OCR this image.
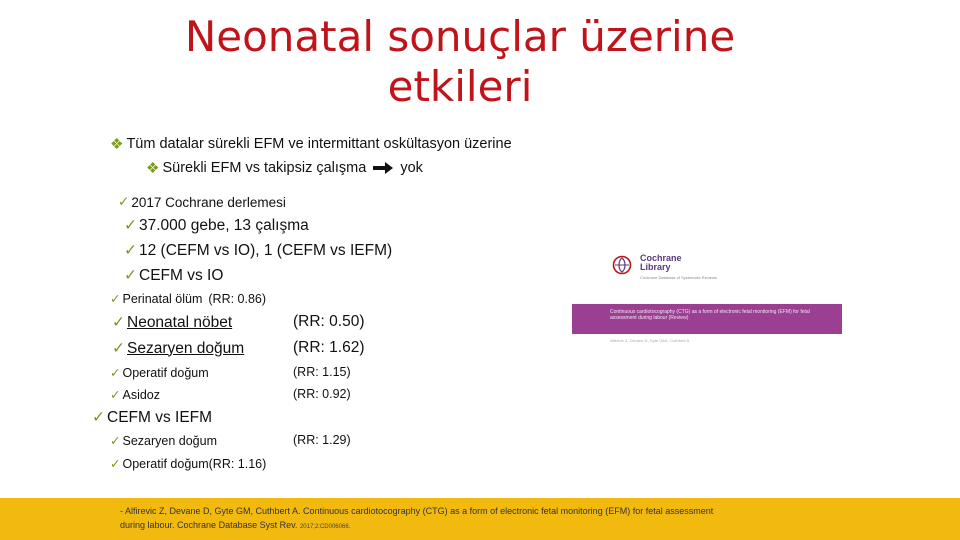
Neonatal sonuçlar üzerine
etkileri
❖ Tüm datalar sürekli EFM ve intermittant oskültasyon üzerine
❖ Sürekli EFM vs takipsiz çalışma yok
✓ 2017 Cochrane derlemesi
✓ 37.000 gebe, 13 çalışma
✓ 12 (CEFM vs IO), 1 (CEFM vs IEFM)
✓ CEFM vs IO
✓ Perinatal ölüm (RR: 0.86)
✓ Neonatal nöbet	(RR: 0.50)
✓ Sezaryen doğum	(RR: 1.62)
✓ Operatif doğum	(RR: 1.15)
✓ Asidoz	(RR: 0.92)
✓ CEFM vs IEFM
✓ Sezaryen doğum	(RR: 1.29)
✓ Operatif doğum(RR: 1.16)
Cochrane
Library
Cochrane Database of Systematic Reviews
Continuous cardiotocography (CTG) as a form of electronic fetal monitoring (EFM) for fetal assessment during labour (Review)
Alfirevic Z, Devane D, Gyte GML, Cuthbert A
- Alfirevic Z, Devane D, Gyte GM, Cuthbert A. Continuous cardiotocography (CTG) as a form of electronic fetal monitoring (EFM) for fetal assessment
during labour. Cochrane Database Syst Rev. 2017;2:CD006066.
